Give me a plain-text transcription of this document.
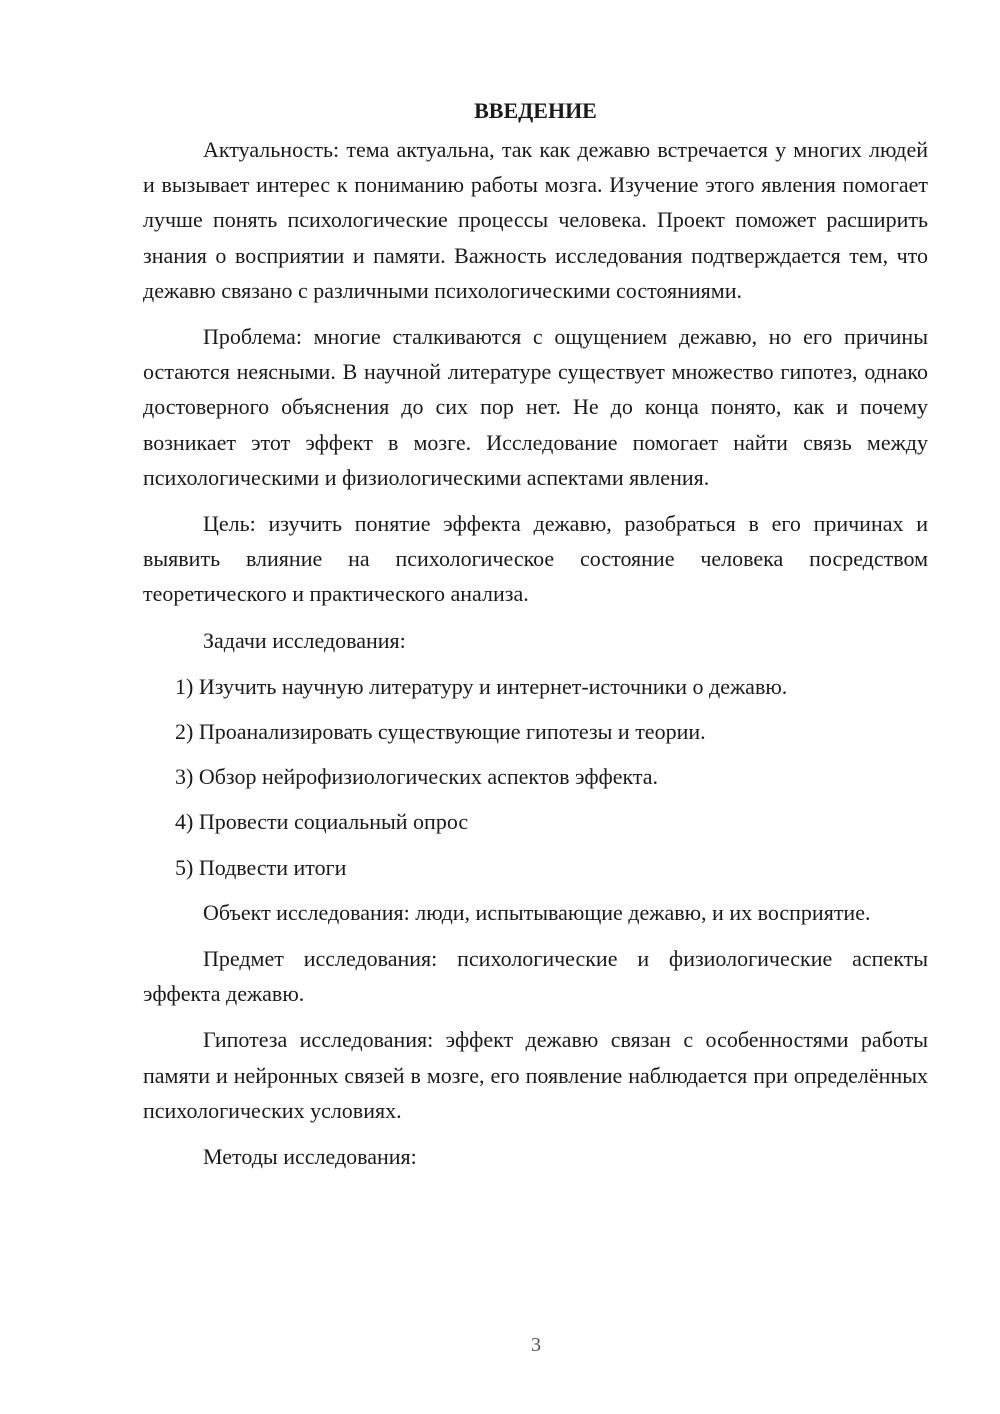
ВВЕДЕНИЕ
Актуальность: тема актуальна, так как дежавю встречается у многих людей и вызывает интерес к пониманию работы мозга. Изучение этого явления помогает лучше понять психологические процессы человека. Проект поможет расширить знания о восприятии и памяти. Важность исследования подтверждается тем, что дежавю связано с различными психологическими состояниями.
Проблема: многие сталкиваются с ощущением дежавю, но его причины остаются неясными. В научной литературе существует множество гипотез, однако достоверного объяснения до сих пор нет. Не до конца понято, как и почему возникает этот эффект в мозге. Исследование помогает найти связь между психологическими и физиологическими аспектами явления.
Цель: изучить понятие эффекта дежавю, разобраться в его причинах и выявить влияние на психологическое состояние человека посредством теоретического и практического анализа.
Задачи исследования:
1) Изучить научную литературу и интернет-источники о дежавю.
2) Проанализировать существующие гипотезы и теории.
3) Обзор нейрофизиологических аспектов эффекта.
4) Провести социальный опрос
5) Подвести итоги
Объект исследования: люди, испытывающие дежавю, и их восприятие.
Предмет исследования: психологические и физиологические аспекты эффекта дежавю.
Гипотеза исследования: эффект дежавю связан с особенностями работы памяти и нейронных связей в мозге, его появление наблюдается при определённых психологических условиях.
Методы исследования:
3
